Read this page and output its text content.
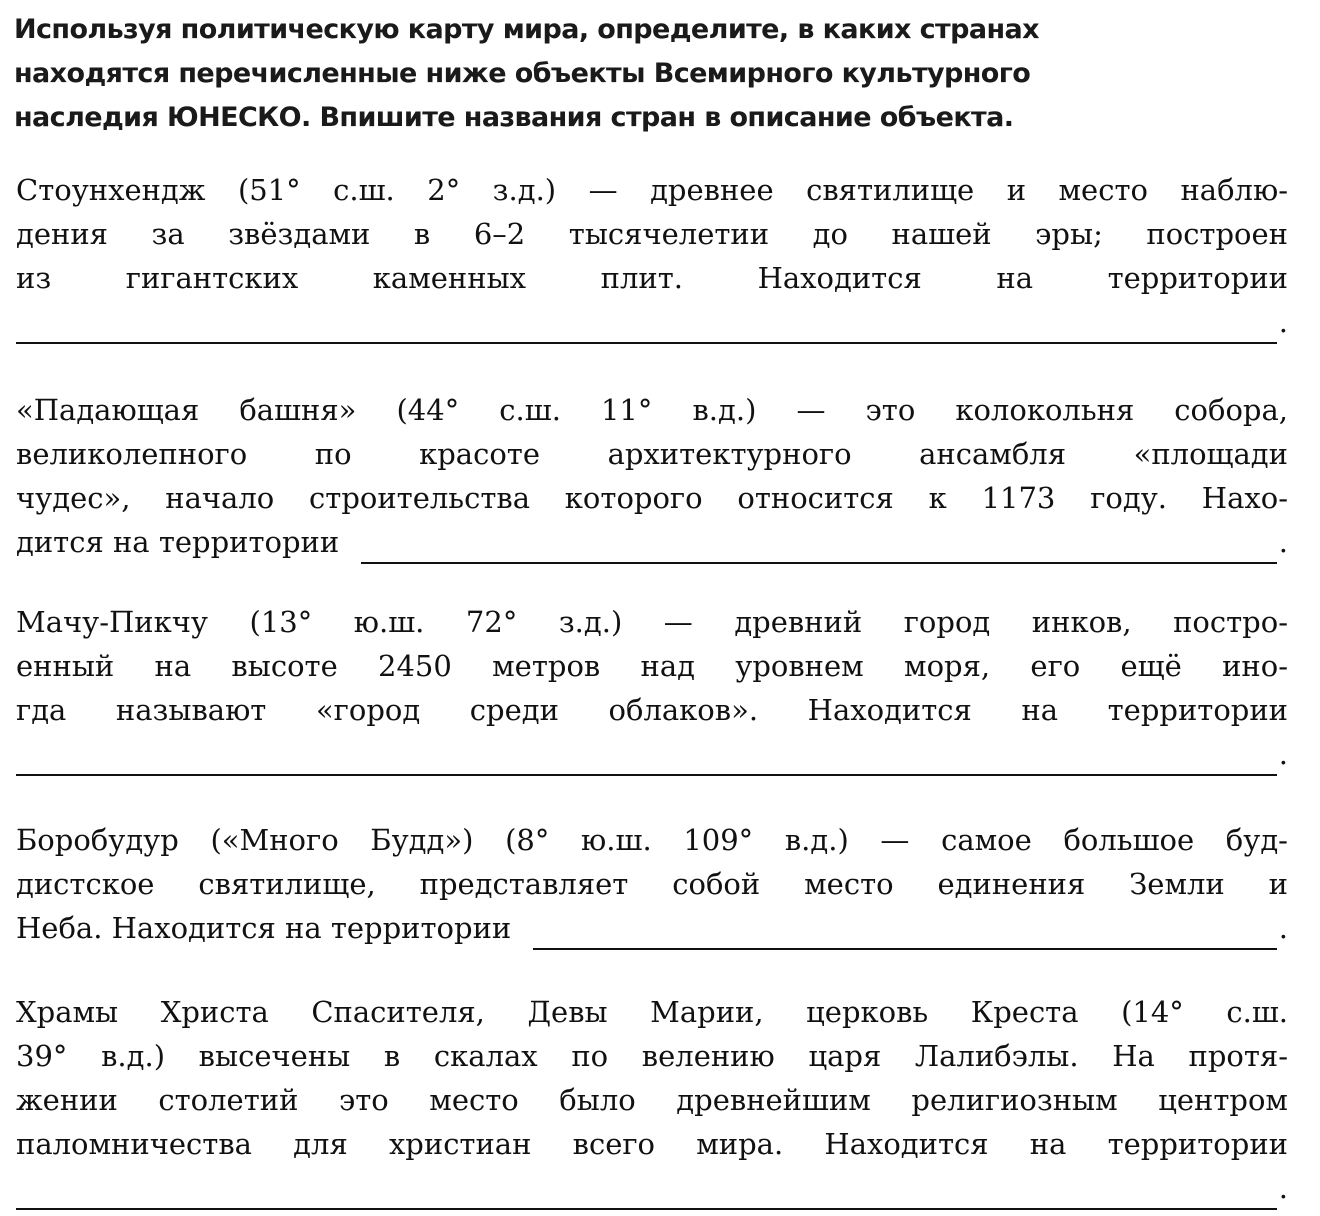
Используя политическую карту мира, определите, в каких странах
находятся перечисленные ниже объекты Всемирного культурного
наследия ЮНЕСКО. Впишите названия стран в описание объекта.
Стоунхендж (51° с.ш. 2° з.д.) — древнее святилище и место наблю-
дения за звёздами в 6–2 тысячелетии до нашей эры; построен
из гигантских каменных плит. Находится на территории
.
«Падающая башня» (44° с.ш. 11° в.д.) — это колокольня собора,
великолепного по красоте архитектурного ансамбля «площади
чудес», начало строительства которого относится к 1173 году. Нахо-
дится на территории	.
Мачу-Пикчу (13° ю.ш. 72° з.д.) — древний город инков, постро-
енный на высоте 2450 метров над уровнем моря, его ещё ино-
гда называют «город среди облаков». Находится на территории
.
Боробудур («Много Будд») (8° ю.ш. 109° в.д.) — самое большое буд-
дистское святилище, представляет собой место единения Земли и
Неба. Находится на территории	.
Храмы Христа Спасителя, Девы Марии, церковь Креста (14° с.ш.
39° в.д.) высечены в скалах по велению царя Лалибэлы. На протя-
жении столетий это место было древнейшим религиозным центром
паломничества для христиан всего мира. Находится на территории
.
